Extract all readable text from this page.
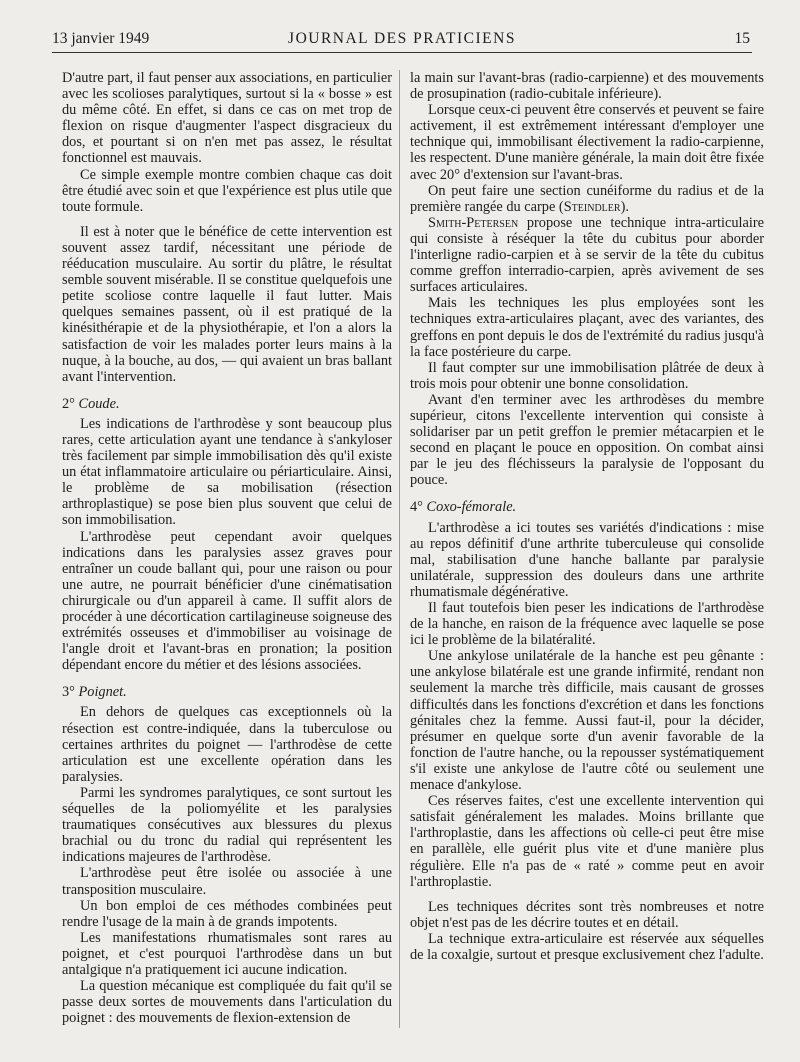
13 janvier 1949	JOURNAL DES PRATICIENS	15

D'autre part, il faut penser aux associations, en particulier avec les scolioses paralytiques, surtout si la « bosse » est du même côté. En effet, si dans ce cas on met trop de flexion on risque d'augmenter l'aspect disgracieux du dos, et pourtant si on n'en met pas assez, le résultat fonctionnel est mauvais.

Ce simple exemple montre combien chaque cas doit être étudié avec soin et que l'expérience est plus utile que toute formule.

Il est à noter que le bénéfice de cette intervention est souvent assez tardif, nécessitant une période de rééducation musculaire. Au sortir du plâtre, le résultat semble souvent misérable. Il se constitue quelquefois une petite scoliose contre laquelle il faut lutter. Mais quelques semaines passent, où il est pratiqué de la kinésithérapie et de la physiothérapie, et l'on a alors la satisfaction de voir les malades porter leurs mains à la nuque, à la bouche, au dos, — qui avaient un bras ballant avant l'intervention.

2° Coude.

Les indications de l'arthrodèse y sont beaucoup plus rares, cette articulation ayant une tendance à s'ankyloser très facilement par simple immobilisation dès qu'il existe un état inflammatoire articulaire ou périarticulaire. Ainsi, le problème de sa mobilisation (résection arthroplastique) se pose bien plus souvent que celui de son immobilisation.

L'arthrodèse peut cependant avoir quelques indications dans les paralysies assez graves pour entraîner un coude ballant qui, pour une raison ou pour une autre, ne pourrait bénéficier d'une cinématisation chirurgicale ou d'un appareil à came. Il suffit alors de procéder à une décortication cartilagineuse soigneuse des extrémités osseuses et d'immobiliser au voisinage de l'angle droit et l'avant-bras en pronation; la position dépendant encore du métier et des lésions associées.

3° Poignet.

En dehors de quelques cas exceptionnels où la résection est contre-indiquée, dans la tuberculose ou certaines arthrites du poignet — l'arthrodèse de cette articulation est une excellente opération dans les paralysies.

Parmi les syndromes paralytiques, ce sont surtout les séquelles de la poliomyélite et les paralysies traumatiques consécutives aux blessures du plexus brachial ou du tronc du radial qui représentent les indications majeures de l'arthrodèse.

L'arthrodèse peut être isolée ou associée à une transposition musculaire.

Un bon emploi de ces méthodes combinées peut rendre l'usage de la main à de grands impotents.

Les manifestations rhumatismales sont rares au poignet, et c'est pourquoi l'arthrodèse dans un but antalgique n'a pratiquement ici aucune indication.

La question mécanique est compliquée du fait qu'il se passe deux sortes de mouvements dans l'articulation du poignet : des mouvements de flexion-extension de

la main sur l'avant-bras (radio-carpienne) et des mouvements de prosupination (radio-cubitale inférieure).

Lorsque ceux-ci peuvent être conservés et peuvent se faire activement, il est extrêmement intéressant d'employer une technique qui, immobilisant électivement la radio-carpienne, les respectent. D'une manière générale, la main doit être fixée avec 20° d'extension sur l'avant-bras.

On peut faire une section cunéiforme du radius et de la première rangée du carpe (Steindler).

Smith-Petersen propose une technique intra-articulaire qui consiste à réséquer la tête du cubitus pour aborder l'interligne radio-carpien et à se servir de la tête du cubitus comme greffon interradio-carpien, après avivement de ses surfaces articulaires.

Mais les techniques les plus employées sont les techniques extra-articulaires plaçant, avec des variantes, des greffons en pont depuis le dos de l'extrémité du radius jusqu'à la face postérieure du carpe.

Il faut compter sur une immobilisation plâtrée de deux à trois mois pour obtenir une bonne consolidation.

Avant d'en terminer avec les arthrodèses du membre supérieur, citons l'excellente intervention qui consiste à solidariser par un petit greffon le premier métacarpien et le second en plaçant le pouce en opposition. On combat ainsi par le jeu des fléchisseurs la paralysie de l'opposant du pouce.

4° Coxo-fémorale.

L'arthrodèse a ici toutes ses variétés d'indications : mise au repos définitif d'une arthrite tuberculeuse qui consolide mal, stabilisation d'une hanche ballante par paralysie unilatérale, suppression des douleurs dans une arthrite rhumatismale dégénérative.

Il faut toutefois bien peser les indications de l'arthrodèse de la hanche, en raison de la fréquence avec laquelle se pose ici le problème de la bilatéralité.

Une ankylose unilatérale de la hanche est peu gênante : une ankylose bilatérale est une grande infirmité, rendant non seulement la marche très difficile, mais causant de grosses difficultés dans les fonctions d'excrétion et dans les fonctions génitales chez la femme. Aussi faut-il, pour la décider, présumer en quelque sorte d'un avenir favorable de la fonction de l'autre hanche, ou la repousser systématiquement s'il existe une ankylose de l'autre côté ou seulement une menace d'ankylose.

Ces réserves faites, c'est une excellente intervention qui satisfait généralement les malades. Moins brillante que l'arthroplastie, dans les affections où celle-ci peut être mise en parallèle, elle guérit plus vite et d'une manière plus régulière. Elle n'a pas de « raté » comme peut en avoir l'arthroplastie.

Les techniques décrites sont très nombreuses et notre objet n'est pas de les décrire toutes et en détail.

La technique extra-articulaire est réservée aux séquelles de la coxalgie, surtout et presque exclusivement chez l'adulte.
